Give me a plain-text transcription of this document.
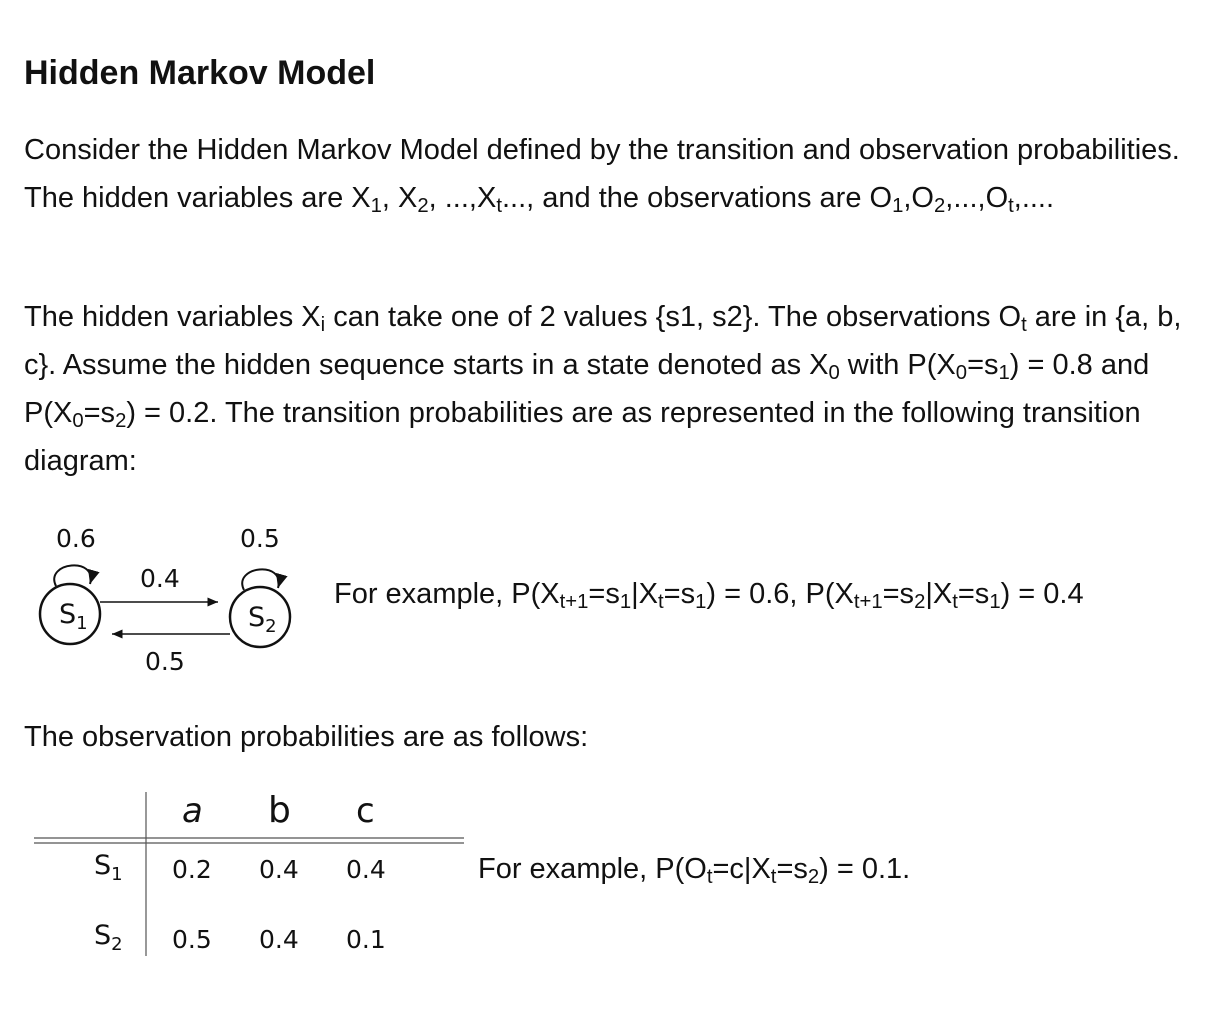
Hidden Markov Model

Consider the Hidden Markov Model defined by the transition and observation probabilities. The hidden variables are $X_1$, $X_2$, $...,X_t$..., and the observations are $O_1,O_2,...,O_t$,....

The hidden variables $X_i$ can take one of 2 values {s1, s2}. The observations $O_t$ are in {a, b, c}. Assume the hidden sequence starts in a state denoted as $X_0$ with $P(X_0=s_1) = 0.8$ and $P(X_0=s_2) = 0.2$. The transition probabilities are as represented in the following transition diagram:

$S_1$	$S_2$
0.6	0.5
0.4
0.5
For example, $P(X_{t+1}=s_1|X_t=s_1) = 0.6$, $P(X_{t+1}=s_2|X_t=s_1) = 0.4$

The observation probabilities are as follows:

a b c
$S_1$ 0.2 0.4 0.4
$S_2$ 0.5 0.4 0.1
For example, $P(O_t=c|X_t=s_2) = 0.1$.
